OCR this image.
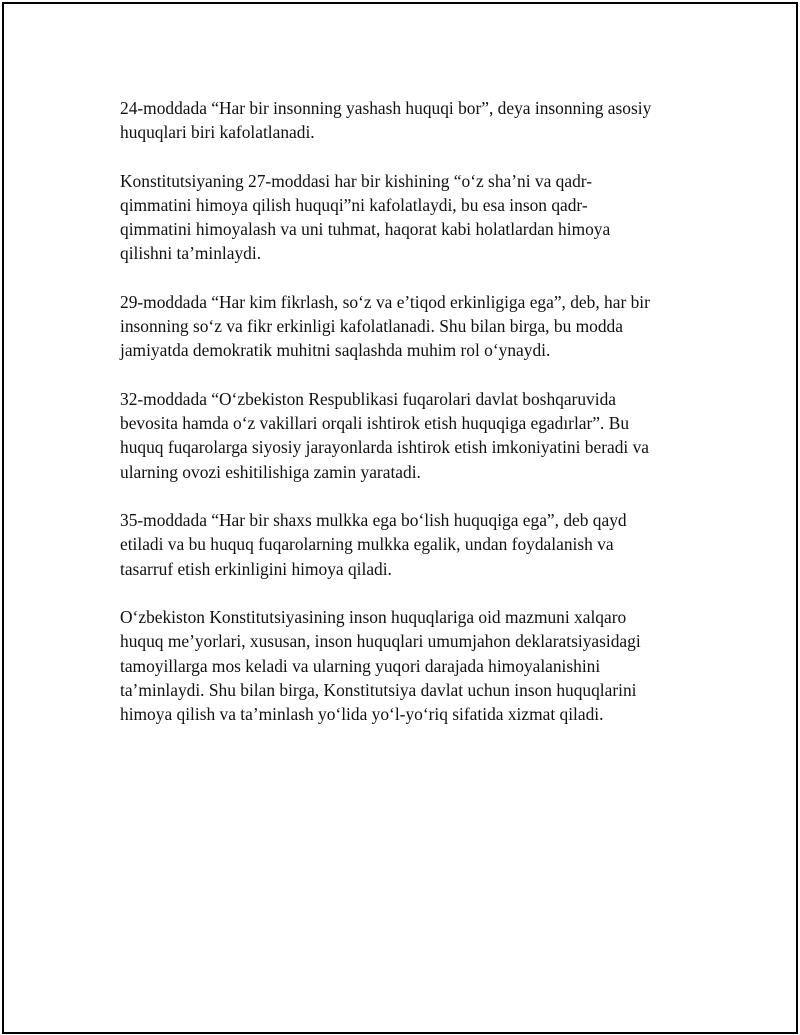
24-moddada “Har bir insonning yashash huquqi bor”, deya insonning asosiy
huquqlari biri kafolatlanadi.

Konstitutsiyaning 27-moddasi har bir kishining “o‘z sha’ni va qadr-
qimmatini himoya qilish huquqi”ni kafolatlaydi, bu esa inson qadr-
qimmatini himoyalash va uni tuhmat, haqorat kabi holatlardan himoya
qilishni ta’minlaydi.

29-moddada “Har kim fikrlash, so‘z va e’tiqod erkinligiga ega”, deb, har bir
insonning so‘z va fikr erkinligi kafolatlanadi. Shu bilan birga, bu modda
jamiyatda demokratik muhitni saqlashda muhim rol o‘ynaydi.

32-moddada “O‘zbekiston Respublikasi fuqarolari davlat boshqaruvida
bevosita hamda o‘z vakillari orqali ishtirok etish huquqiga egadırlar”. Bu
huquq fuqarolarga siyosiy jarayonlarda ishtirok etish imkoniyatini beradi va
ularning ovozi eshitilishiga zamin yaratadi.

35-moddada “Har bir shaxs mulkka ega bo‘lish huquqiga ega”, deb qayd
etiladi va bu huquq fuqarolarning mulkka egalik, undan foydalanish va
tasarruf etish erkinligini himoya qiladi.

O‘zbekiston Konstitutsiyasining inson huquqlariga oid mazmuni xalqaro
huquq me’yorlari, xususan, inson huquqlari umumjahon deklaratsiyasidagi
tamoyillarga mos keladi va ularning yuqori darajada himoyalanishini
ta’minlaydi. Shu bilan birga, Konstitutsiya davlat uchun inson huquqlarini
himoya qilish va ta’minlash yo‘lida yo‘l-yo‘riq sifatida xizmat qiladi.
